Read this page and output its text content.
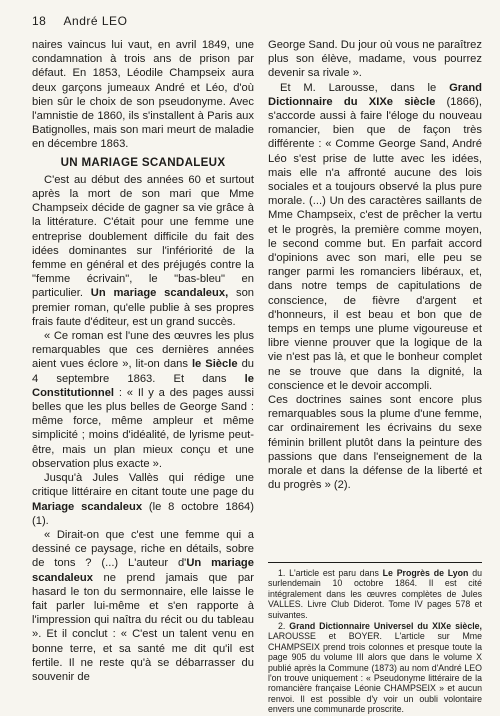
18 André LEO

naires vaincus lui vaut, en avril 1849, une condamnation à trois ans de prison par défaut. En 1853, Léodile Champseix aura deux garçons jumeaux André et Léo, d'où bien sûr le choix de son pseudonyme. Avec l'amnistie de 1860, ils s'installent à Paris aux Batignolles, mais son mari meurt de maladie en décembre 1863.

UN MARIAGE SCANDALEUX

C'est au début des années 60 et surtout après la mort de son mari que Mme Champseix décide de gagner sa vie grâce à la littérature. C'était pour une femme une entreprise doublement difficile du fait des idées dominantes sur l'infériorité de la femme en général et des préjugés contre la "femme écrivain", le "bas-bleu" en particulier. Un mariage scandaleux, son premier roman, qu'elle publie à ses propres frais faute d'éditeur, est un grand succès.

« Ce roman est l'une des œuvres les plus remarquables que ces dernières années aient vues éclore », lit-on dans le Siècle du 4 septembre 1863. Et dans le Constitutionnel : « Il y a des pages aussi belles que les plus belles de George Sand : même force, même ampleur et même simplicité ; moins d'idéalité, de lyrisme peut-être, mais un plan mieux conçu et une observation plus exacte ».

Jusqu'à Jules Vallès qui rédige une critique littéraire en citant toute une page du Mariage scandaleux (le 8 octobre 1864) (1).

« Dirait-on que c'est une femme qui a dessiné ce paysage, riche en détails, sobre de tons ? (...) L'auteur d'Un mariage scandaleux ne prend jamais que par hasard le ton du sermonnaire, elle laisse le fait parler lui-même et s'en rapporte à l'impression qui naîtra du récit ou du tableau ». Et il conclut : « C'est un talent venu en bonne terre, et sa santé me dit qu'il est fertile. Il ne reste qu'à se débarrasser du souvenir de

George Sand. Du jour où vous ne paraîtrez plus son élève, madame, vous pourrez devenir sa rivale ».

Et M. Larousse, dans le Grand Dictionnaire du XIXe siècle (1866), s'accorde aussi à faire l'éloge du nouveau romancier, bien que de façon très différente : « Comme George Sand, André Léo s'est prise de lutte avec les idées, mais elle n'a affronté aucune des lois sociales et a toujours observé la plus pure morale. (...) Un des caractères saillants de Mme Champseix, c'est de prêcher la vertu et le progrès, la première comme moyen, le second comme but. En parfait accord d'opinions avec son mari, elle peu se ranger parmi les romanciers libéraux, et, dans notre temps de capitulations de conscience, de fièvre d'argent et d'honneurs, il est beau et bon que de temps en temps une plume vigoureuse et libre vienne prouver que la logique de la vie n'est pas là, et que le bonheur complet ne se trouve que dans la dignité, la conscience et le devoir accompli.

Ces doctrines saines sont encore plus remarquables sous la plume d'une femme, car ordinairement les écrivains du sexe féminin brillent plutôt dans la peinture des passions que dans l'enseignement de la morale et dans la défense de la liberté et du progrès » (2).

1. L'article est paru dans Le Progrès de Lyon du surlendemain 10 octobre 1864. Il est cité intégralement dans les œuvres complètes de Jules VALLES. Livre Club Diderot. Tome IV pages 578 et suivantes.

2. Grand Dictionnaire Universel du XIXe siècle, LAROUSSE et BOYER. L'article sur Mme CHAMPSEIX prend trois colonnes et presque toute la page 905 du volume III alors que dans le volume X publié après la Commune (1873) au nom d'André LEO l'on trouve uniquement : « Pseudonyme littéraire de la romancière française Léonie CHAMPSEIX » et aucun renvoi. Il est possible d'y voir un oubli volontaire envers une communarde proscrite.
